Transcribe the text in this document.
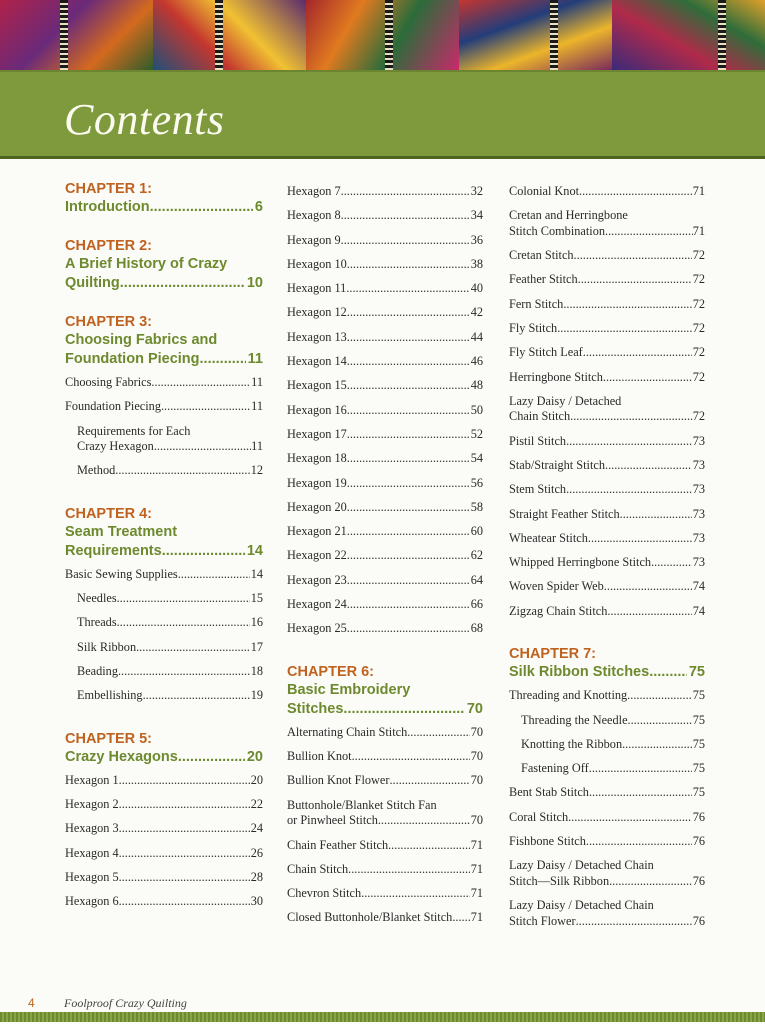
Contents
CHAPTER 1:
Introduction .....	6
CHAPTER 2:
A Brief History of Crazy
Quilting .....	10
CHAPTER 3:
Choosing Fabrics and
Foundation Piecing .....	11
Choosing Fabrics .....	11
Foundation Piecing .....	11
Requirements for Each
Crazy Hexagon .....	11
Method .....	12
CHAPTER 4:
Seam Treatment
Requirements .....	14
Basic Sewing Supplies .....	14
Needles .....	15
Threads .....	16
Silk Ribbon .....	17
Beading .....	18
Embellishing .....	19
CHAPTER 5:
Crazy Hexagons .....	20
Hexagon 1 .....	20
Hexagon 2 .....	22
Hexagon 3 .....	24
Hexagon 4 .....	26
Hexagon 5 .....	28
Hexagon 6 .....	30
Hexagon 7 .....	32
Hexagon 8 .....	34
Hexagon 9 .....	36
Hexagon 10 .....	38
Hexagon 11 .....	40
Hexagon 12 .....	42
Hexagon 13 .....	44
Hexagon 14 .....	46
Hexagon 15 .....	48
Hexagon 16 .....	50
Hexagon 17 .....	52
Hexagon 18 .....	54
Hexagon 19 .....	56
Hexagon 20 .....	58
Hexagon 21 .....	60
Hexagon 22 .....	62
Hexagon 23 .....	64
Hexagon 24 .....	66
Hexagon 25 .....	68
CHAPTER 6:
Basic Embroidery
Stitches .....	70
Alternating Chain Stitch .....	70
Bullion Knot .....	70
Bullion Knot Flower .....	70
Buttonhole/Blanket Stitch Fan
or Pinwheel Stitch .....	70
Chain Feather Stitch .....	71
Chain Stitch .....	71
Chevron Stitch .....	71
Closed Buttonhole/Blanket Stitch ..... 71
Colonial Knot .....	71
Cretan and Herringbone
Stitch Combination .....	71
Cretan Stitch .....	72
Feather Stitch .....	72
Fern Stitch .....	72
Fly Stitch .....	72
Fly Stitch Leaf .....	72
Herringbone Stitch .....	72
Lazy Daisy / Detached
Chain Stitch .....	72
Pistil Stitch .....	73
Stab/Straight Stitch .....	73
Stem Stitch .....	73
Straight Feather Stitch .....	73
Wheatear Stitch .....	73
Whipped Herringbone Stitch .....	73
Woven Spider Web .....	74
Zigzag Chain Stitch .....	74
CHAPTER 7:
Silk Ribbon Stitches .....	75
Threading and Knotting .....	75
Threading the Needle .....	75
Knotting the Ribbon .....	75
Fastening Off .....	75
Bent Stab Stitch .....	75
Coral Stitch .....	76
Fishbone Stitch .....	76
Lazy Daisy / Detached Chain
Stitch—Silk Ribbon .....	76
Lazy Daisy / Detached Chain
Stitch Flower .....	76
4 Foolproof Crazy Quilting
